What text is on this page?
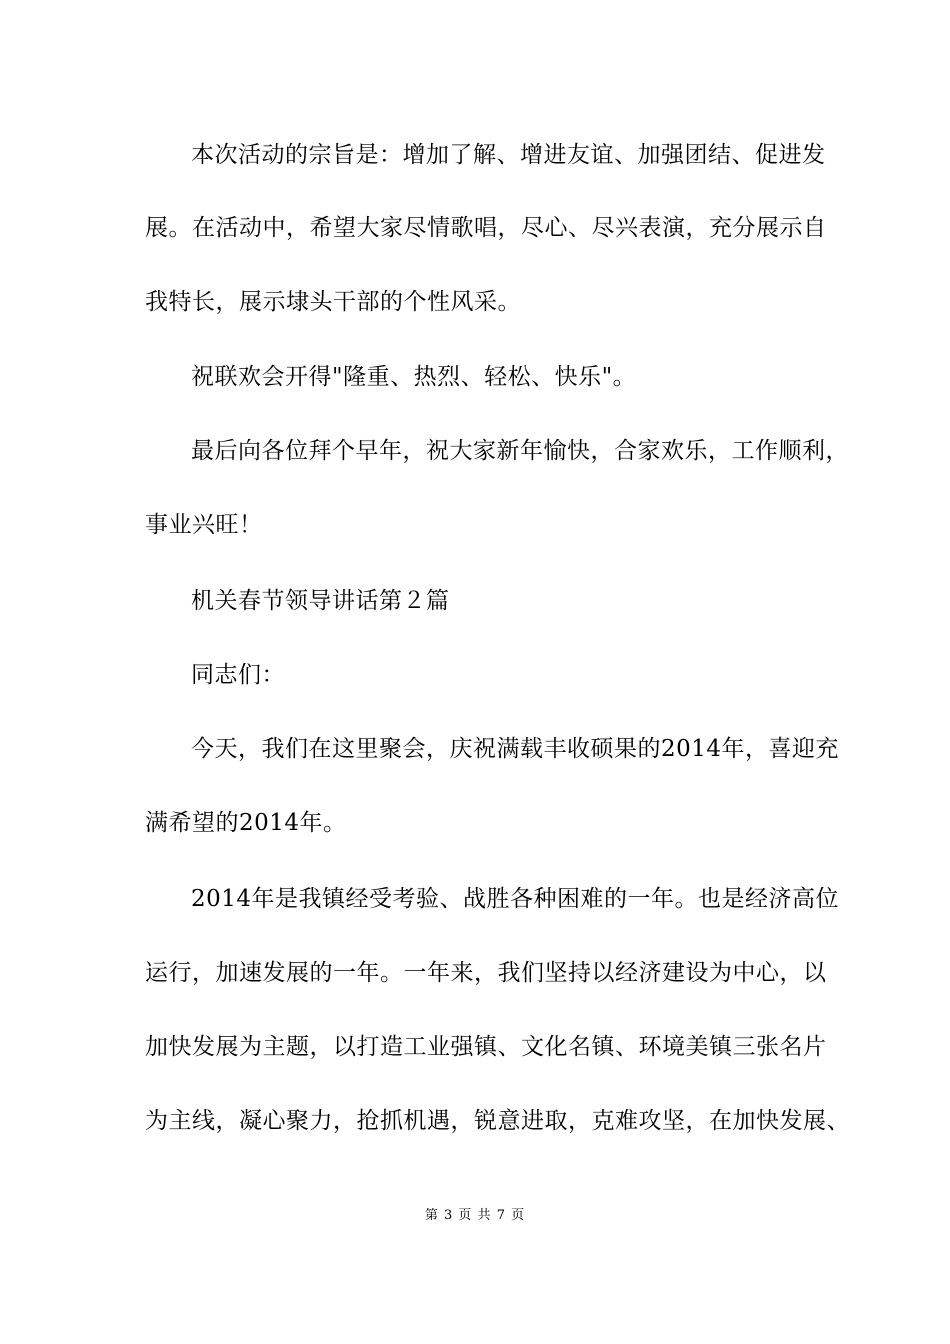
本次活动的宗旨是：增加了解、增进友谊、加强团结、促进发
展。在活动中，希望大家尽情歌唱，尽心、尽兴表演，充分展示自
我特长，展示埭头干部的个性风采。
祝联欢会开得"隆重、热烈、轻松、快乐"。
最后向各位拜个早年，祝大家新年愉快，合家欢乐，工作顺利，
事业兴旺！
机关春节领导讲话第２篇
同志们：
今天，我们在这里聚会，庆祝满载丰收硕果的2014年，喜迎充
满希望的2014年。
2014年是我镇经受考验、战胜各种困难的一年。也是经济高位
运行，加速发展的一年。一年来，我们坚持以经济建设为中心，以
加快发展为主题，以打造工业强镇、文化名镇、环境美镇三张名片
为主线，凝心聚力，抢抓机遇，锐意进取，克难攻坚，在加快发展、
第 3 页 共 7 页
